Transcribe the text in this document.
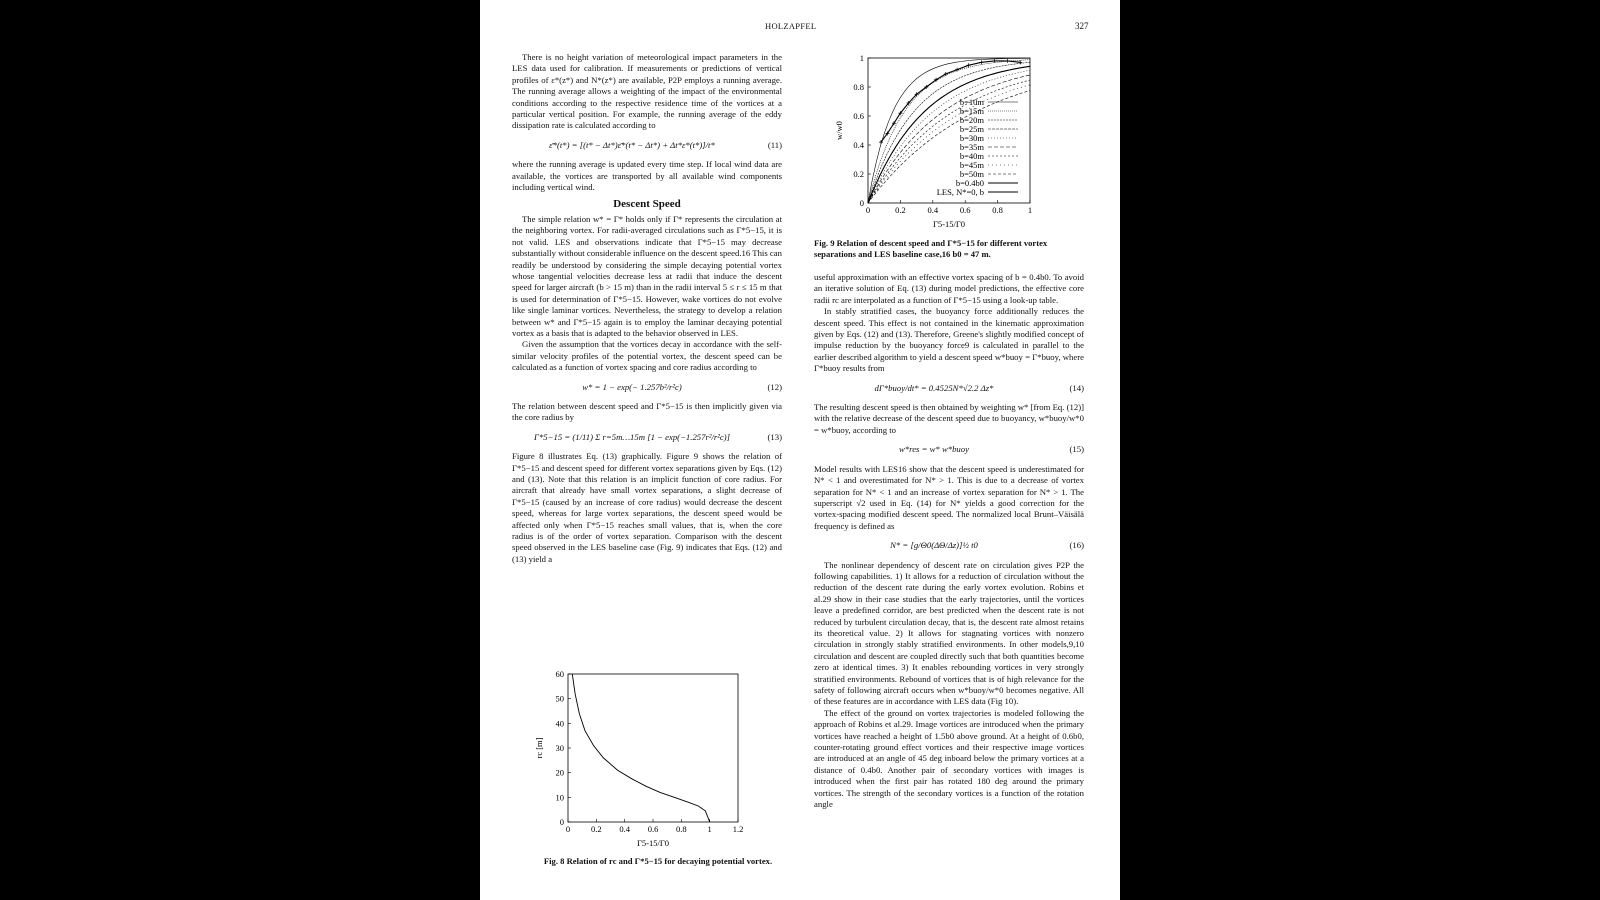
HOLZAPFEL	327

There is no height variation of meteorological impact parameters in the LES data used for calibration. If measurements or predictions of vertical profiles of ε*(z*) and N*(z*) are available, P2P employs a running average. The running average allows a weighting of the impact of the environmental conditions according to the respective residence time of the vortices at a particular vertical position. For example, the running average of the eddy dissipation rate is calculated according to

ε̄*(t*) = [(t* − Δt*)ε̄*(t* − Δt*) + Δt*ε*(t*)]/t*	(11)

where the running average is updated every time step. If local wind data are available, the vortices are transported by all available wind components including vertical wind.

Descent Speed

The simple relation w* = Γ* holds only if Γ* represents the circulation at the neighboring vortex. For radii-averaged circulations such as Γ*5−15, it is not valid. LES and observations indicate that Γ*5−15 may decrease substantially without considerable influence on the descent speed.16 This can readily be understood by considering the simple decaying potential vortex whose tangential velocities decrease less at radii that induce the descent speed for larger aircraft (b > 15 m) than in the radii interval 5 ≤ r ≤ 15 m that is used for determination of Γ*5−15. However, wake vortices do not evolve like single laminar vortices. Nevertheless, the strategy to develop a relation between w* and Γ*5−15 again is to employ the laminar decaying potential vortex as a basis that is adapted to the behavior observed in LES.

Given the assumption that the vortices decay in accordance with the self-similar velocity profiles of the potential vortex, the descent speed can be calculated as a function of vortex spacing and core radius according to

w* = 1 − exp(− 1.257b²/r²c)	(12)

The relation between descent speed and Γ*5−15 is then implicitly given via the core radius by

Γ*5−15 = (1/11) Σ r=5m…15m [1 − exp(−1.257r²/r²c)]	(13)

Figure 8 illustrates Eq. (13) graphically. Figure 9 shows the relation of Γ*5−15 and descent speed for different vortex separations given by Eqs. (12) and (13). Note that this relation is an implicit function of core radius. For aircraft that already have small vortex separations, a slight decrease of Γ*5−15 (caused by an increase of core radius) would decrease the descent speed, whereas for large vortex separations, the descent speed would be affected only when Γ*5−15 reaches small values, that is, when the core radius is of the order of vortex separation. Comparison with the descent speed observed in the LES baseline case (Fig. 9) indicates that Eqs. (12) and (13) yield a

0 0.2 0.4 0.6 0.8 1 1.2
0
10
20
30
40
50
60
Γ5-15/Γ0
rc [m]
Fig. 8 Relation of rc and Γ*5−15 for decaying potential vortex.
0	0.2	0.4	0.6	0.8	1
0
0.2
0.4
0.6
0.8
1
Γ5-15/Γ0
w/w0
b=10m
b=15m
b=20m
b=25m
b=30m
b=35m
b=40m
b=45m
b=50m
b=0.4b0
LES, N*=0, b
Fig. 9 Relation of descent speed and Γ*5−15 for different vortex separations and LES baseline case,16 b0 = 47 m.

useful approximation with an effective vortex spacing of b = 0.4b0. To avoid an iterative solution of Eq. (13) during model predictions, the effective core radii rc are interpolated as a function of Γ*5−15 using a look-up table.

In stably stratified cases, the buoyancy force additionally reduces the descent speed. This effect is not contained in the kinematic approximation given by Eqs. (12) and (13). Therefore, Greene's slightly modified concept of impulse reduction by the buoyancy force9 is calculated in parallel to the earlier described algorithm to yield a descent speed w*buoy = Γ*buoy, where Γ*buoy results from

dΓ*buoy/dt* = 0.4525N*√2.2 Δz*	(14)

The resulting descent speed is then obtained by weighting w* [from Eq. (12)] with the relative decrease of the descent speed due to buoyancy, w*buoy/w*0 = w*buoy, according to

w*res = w* w*buoy	(15)

Model results with LES16 show that the descent speed is underestimated for N* < 1 and overestimated for N* > 1. This is due to a decrease of vortex separation for N* < 1 and an increase of vortex separation for N* > 1. The superscript √2 used in Eq. (14) for N* yields a good correction for the vortex-spacing modified descent speed. The normalized local Brunt–Väisälä frequency is defined as

N* = [g/Θ0(ΔΘ/Δz)]½ t0	(16)

The nonlinear dependency of descent rate on circulation gives P2P the following capabilities. 1) It allows for a reduction of circulation without the reduction of the descent rate during the early vortex evolution. Robins et al.29 show in their case studies that the early trajectories, until the vortices leave a predefined corridor, are best predicted when the descent rate is not reduced by turbulent circulation decay, that is, the descent rate almost retains its theoretical value. 2) It allows for stagnating vortices with nonzero circulation in strongly stably stratified environments. In other models,9,10 circulation and descent are coupled directly such that both quantities become zero at identical times. 3) It enables rebounding vortices in very strongly stratified environments. Rebound of vortices that is of high relevance for the safety of following aircraft occurs when w*buoy/w*0 becomes negative. All of these features are in accordance with LES data (Fig 10).

The effect of the ground on vortex trajectories is modeled following the approach of Robins et al.29. Image vortices are introduced when the primary vortices have reached a height of 1.5b0 above ground. At a height of 0.6b0, counter-rotating ground effect vortices and their respective image vortices are introduced at an angle of 45 deg inboard below the primary vortices at a distance of 0.4b0. Another pair of secondary vortices with images is introduced when the first pair has rotated 180 deg around the primary vortices. The strength of the secondary vortices is a function of the rotation angle
